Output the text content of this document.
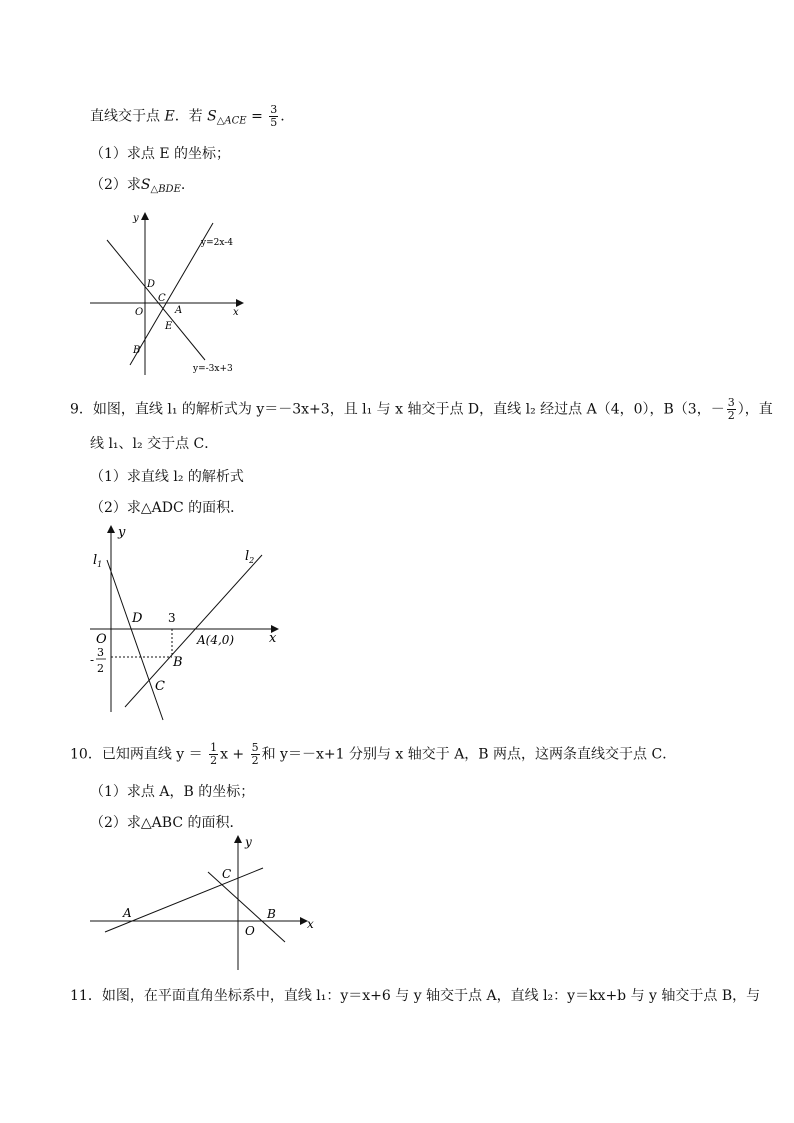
直线交于点 E．若 $S_{\triangle ACE} = \frac{3}{5}$ .
（1）求点 E 的坐标；
（2）求$S_{\triangle BDE}$.
y
x
O
D
C
A
E
B
y=2x-4
y=-3x+3
9．如图，直线 l₁ 的解析式为 y＝－3x+3，且 l₁ 与 x 轴交于点 D，直线 l₂ 经过点 A（4，0），B（3，－ $\frac{3}{2}$ ），直
线 l₁、l₂ 交于点 C．
（1）求直线 l₂ 的解析式
（2）求△ADC 的面积．
y
x
O
$l_1$
$l_2$
D 3
A(4,0)
B
C
-
3
2
10．已知两直线 $y = \frac{1}{2}$ $x + \frac{5}{2}$ 和 y＝－x+1 分别与 x 轴交于 A，B 两点，这两条直线交于点 C．
（1）求点 A，B 的坐标；
（2）求△ABC 的面积．
y
x
O
A	B
C
11．如图，在平面直角坐标系中，直线 l₁：y＝x+6 与 y 轴交于点 A，直线 l₂：y＝kx+b 与 y 轴交于点 B，与
